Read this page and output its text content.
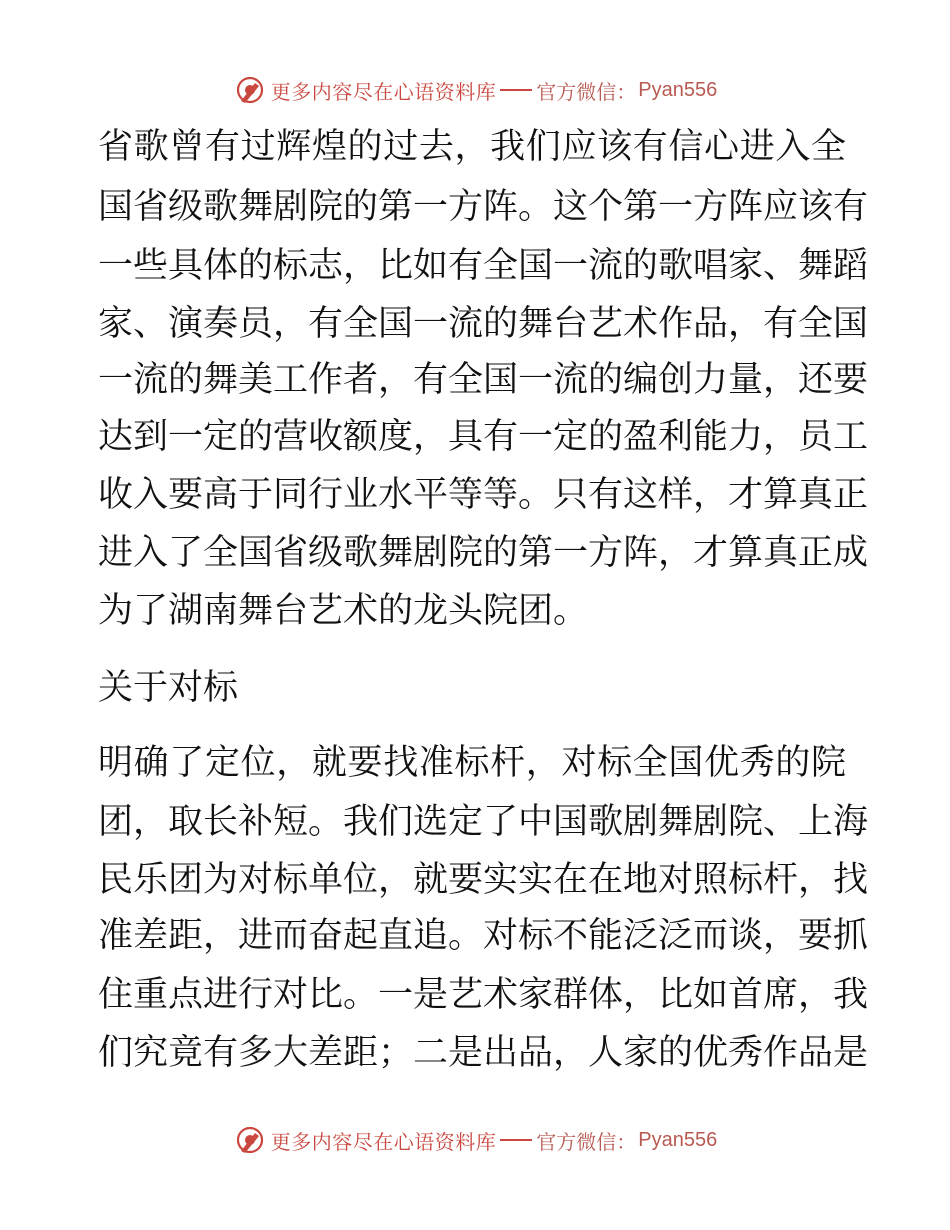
更多内容尽在心语资料库 官方微信： Pyan556
省歌曾有过辉煌的过去，我们应该有信心进入全
国省级歌舞剧院的第一方阵。这个第一方阵应该有
一些具体的标志，比如有全国一流的歌唱家、舞蹈
家、演奏员，有全国一流的舞台艺术作品，有全国
一流的舞美工作者，有全国一流的编创力量，还要
达到一定的营收额度，具有一定的盈利能力，员工
收入要高于同行业水平等等。只有这样，才算真正
进入了全国省级歌舞剧院的第一方阵，才算真正成
为了湖南舞台艺术的龙头院团。
关于对标
明确了定位，就要找准标杆，对标全国优秀的院
团，取长补短。我们选定了中国歌剧舞剧院、上海
民乐团为对标单位，就要实实在在地对照标杆，找
准差距，进而奋起直追。对标不能泛泛而谈，要抓
住重点进行对比。一是艺术家群体，比如首席，我
们究竟有多大差距；二是出品，人家的优秀作品是
更多内容尽在心语资料库 官方微信： Pyan556
